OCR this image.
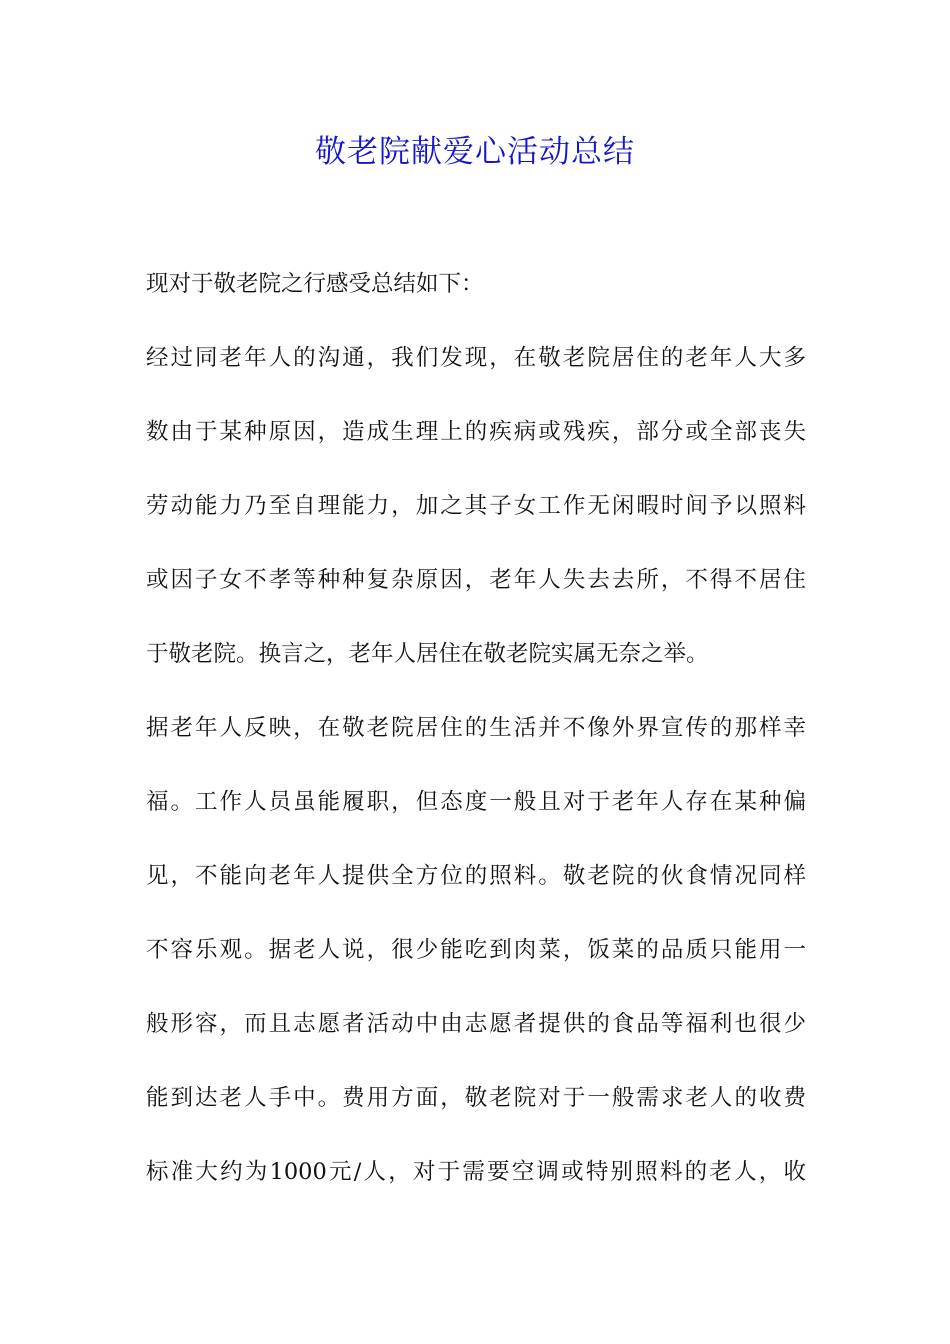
敬老院献爱心活动总结
现对于敬老院之行感受总结如下：
经过同老年人的沟通，我们发现，在敬老院居住的老年人大多
数由于某种原因，造成生理上的疾病或残疾，部分或全部丧失
劳动能力乃至自理能力，加之其子女工作无闲暇时间予以照料
或因子女不孝等种种复杂原因，老年人失去去所，不得不居住
于敬老院。换言之，老年人居住在敬老院实属无奈之举。
据老年人反映，在敬老院居住的生活并不像外界宣传的那样幸
福。工作人员虽能履职，但态度一般且对于老年人存在某种偏
见，不能向老年人提供全方位的照料。敬老院的伙食情况同样
不容乐观。据老人说，很少能吃到肉菜，饭菜的品质只能用一
般形容，而且志愿者活动中由志愿者提供的食品等福利也很少
能到达老人手中。费用方面，敬老院对于一般需求老人的收费
标准大约为1000元/人，对于需要空调或特别照料的老人，收
